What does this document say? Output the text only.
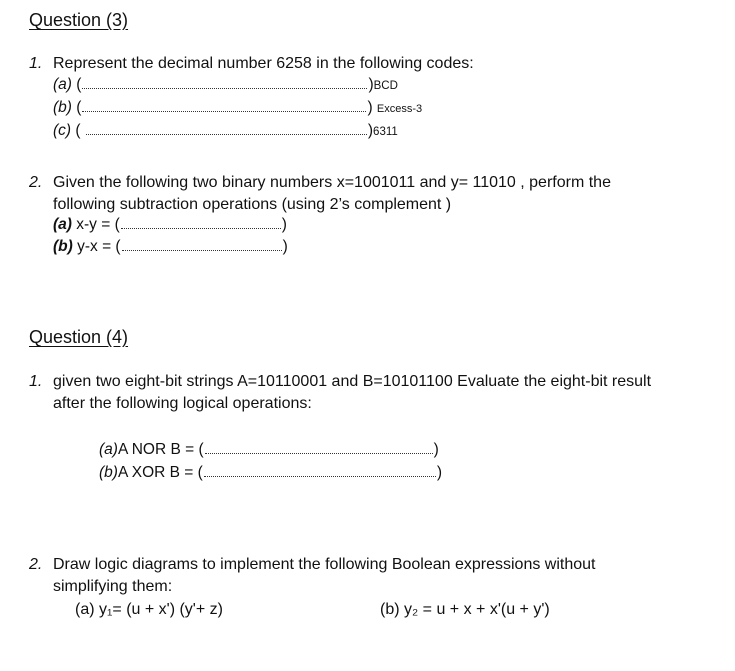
Question (3)
1. Represent the decimal number 6258 in the following codes:
(a) (	)BCD
(b) (	) Excess-3
(c) (	)6311
2. Given the following two binary numbers x=1001011 and y= 11010 , perform the
following subtraction operations (using 2’s complement )
(a) x-y = (	)
(b) y-x = (	)
Question (4)
1. given two eight-bit strings A=10110001 and B=10101100 Evaluate the eight-bit result
after the following logical operations:
(a)A NOR B = (	)
(b)A XOR B = (	)
2. Draw logic diagrams to implement the following Boolean expressions without
simplifying them:
(a) y₁= (u + x') (y'+ z)	(b) y₂ = u + x + x'(u + y')
